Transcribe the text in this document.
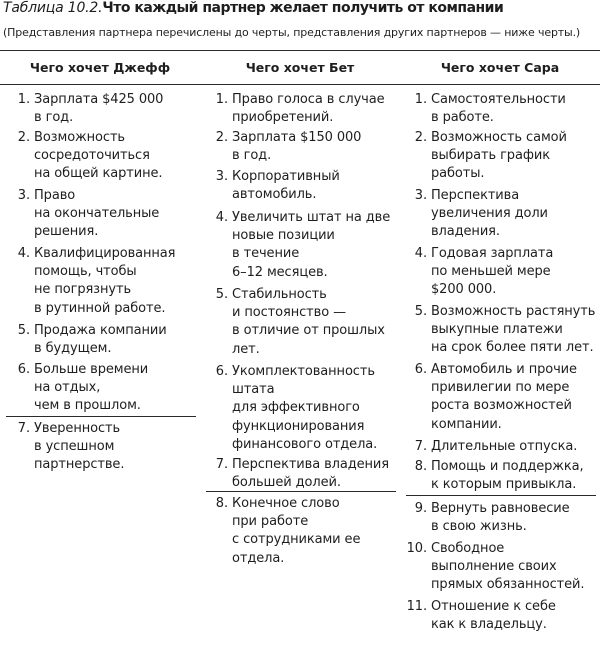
Таблица 10.2.Что каждый партнер желает получить от компании
(Представления партнера перечислены до черты, представления других партнеров — ниже черты.)
Чего хочет Джефф	Чего хочет Бет	Чего хочет Сара
1. Зарплата $425 000
в год.
2. Возможность
сосредоточиться
на общей картине.
3. Право
на окончательные
решения.
4. Квалифицированная
помощь, чтобы
не погрязнуть
в рутинной работе.
5. Продажа компании
в будущем.
6. Больше времени
на отдых,
чем в прошлом.
7. Уверенность
в успешном
партнерстве.
1. Право голоса в случае
приобретений.
2. Зарплата $150 000
в год.
3. Корпоративный
автомобиль.
4. Увеличить штат на две
новые позиции
в течение
6–12 месяцев.
5. Стабильность
и постоянство —
в отличие от прошлых
лет.
6. Укомплектованность
штата
для эффективного
функционирования
финансового отдела.
7. Перспектива владения
большей долей.
8. Конечное слово
при работе
с сотрудниками ее
отдела.
1. Самостоятельности
в работе.
2. Возможность самой
выбирать график
работы.
3. Перспектива
увеличения доли
владения.
4. Годовая зарплата
по меньшей мере
$200 000.
5. Возможность растянуть
выкупные платежи
на срок более пяти лет.
6. Автомобиль и прочие
привилегии по мере
роста возможностей
компании.
7. Длительные отпуска.
8. Помощь и поддержка,
к которым привыкла.
9. Вернуть равновесие
в свою жизнь.
10. Свободное
выполнение своих
прямых обязанностей.
11. Отношение к себе
как к владельцу.
